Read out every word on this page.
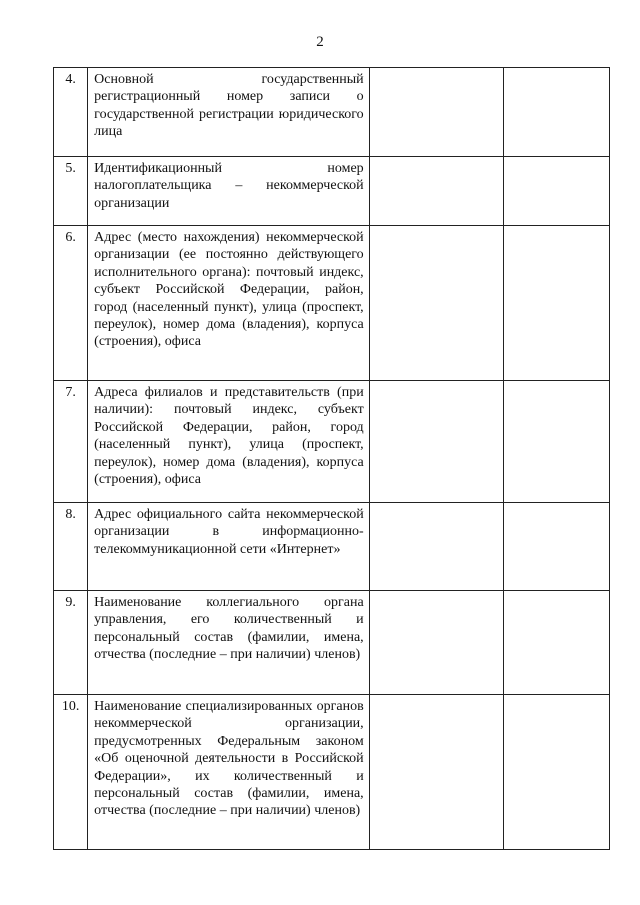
2
4.	Основной государственный регистрационный номер записи о государственной регистрации юридического лица		

5.	Идентификационный номер налогоплательщика – некоммерческой организации		

6.	Адрес (место нахождения) некоммерческой организации (ее постоянно действующего исполнительного органа): почтовый индекс, субъект Российской Федерации, район, город (населенный пункт), улица (проспект, переулок), номер дома (владения), корпуса (строения), офиса		

7.	Адреса филиалов и представительств (при наличии): почтовый индекс, субъект Российской Федерации, район, город (населенный пункт), улица (проспект, переулок), номер дома (владения), корпуса (строения), офиса		

8.	Адрес официального сайта некоммерческой организации в информационно-телекоммуникационной сети «Интернет»		

9.	Наименование коллегиального органа управления, его количественный и персональный состав (фамилии, имена, отчества (последние – при наличии) членов)		

10.	Наименование специализированных органов некоммерческой организации, предусмотренных Федеральным законом «Об оценочной деятельности в Российской Федерации», их количественный и персональный состав (фамилии, имена, отчества (последние – при наличии) членов)		
